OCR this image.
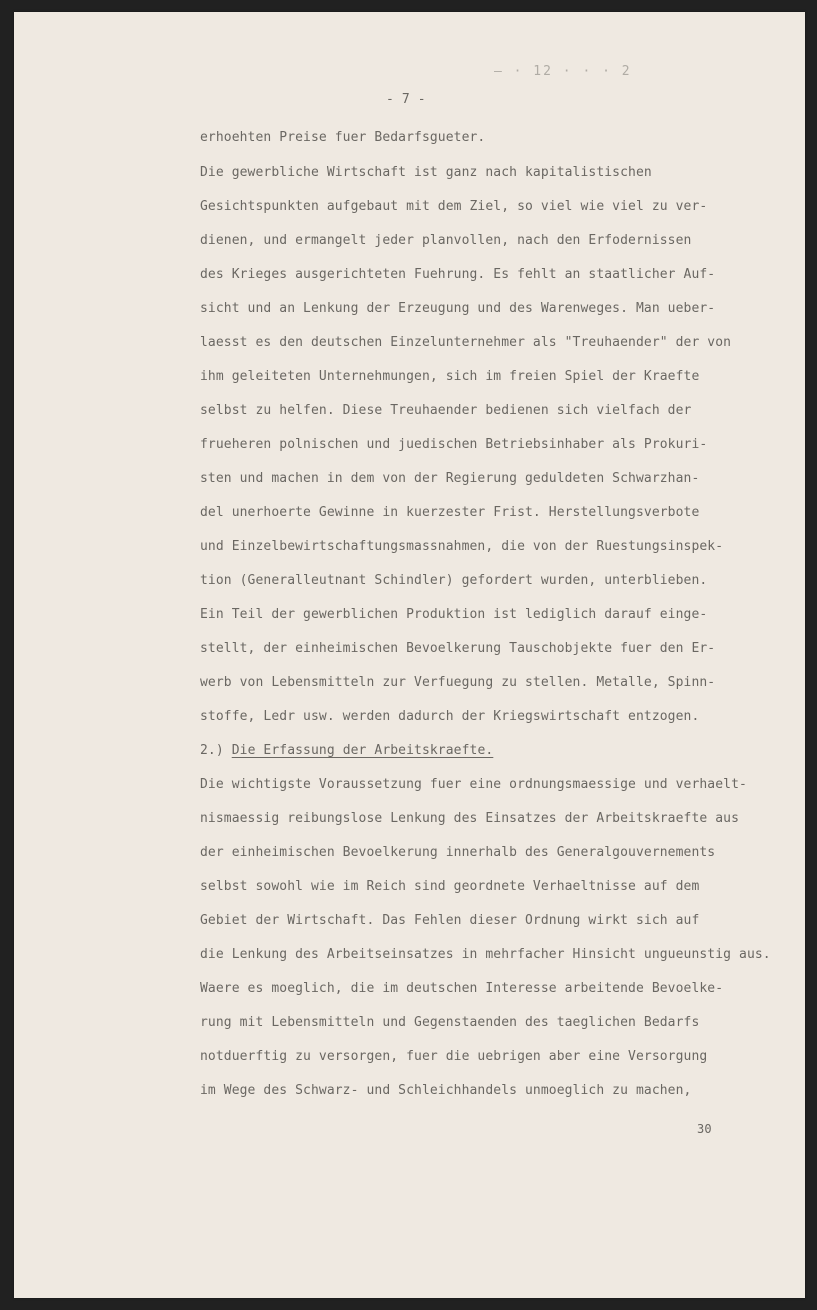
— · 12 · · · 2
- 7 -
erhoehten Preise fuer Bedarfsgueter.
Die gewerbliche Wirtschaft ist ganz nach kapitalistischen
Gesichtspunkten aufgebaut mit dem Ziel, so viel wie viel zu ver-
dienen, und ermangelt jeder planvollen, nach den Erfodernissen
des Krieges ausgerichteten Fuehrung. Es fehlt an staatlicher Auf-
sicht und an Lenkung der Erzeugung und des Warenweges. Man ueber-
laesst es den deutschen Einzelunternehmer als "Treuhaender" der von
ihm geleiteten Unternehmungen, sich im freien Spiel der Kraefte
selbst zu helfen. Diese Treuhaender bedienen sich vielfach der
frueheren polnischen und juedischen Betriebsinhaber als Prokuri-
sten und machen in dem von der Regierung geduldeten Schwarzhan-
del unerhoerte Gewinne in kuerzester Frist. Herstellungsverbote
und Einzelbewirtschaftungsmassnahmen, die von der Ruestungsinspek-
tion (Generalleutnant Schindler) gefordert wurden, unterblieben.
Ein Teil der gewerblichen Produktion ist lediglich darauf einge-
stellt, der einheimischen Bevoelkerung Tauschobjekte fuer den Er-
werb von Lebensmitteln zur Verfuegung zu stellen. Metalle, Spinn-
stoffe, Ledr usw. werden dadurch der Kriegswirtschaft entzogen.
2.) Die Erfassung der Arbeitskraefte.
Die wichtigste Voraussetzung fuer eine ordnungsmaessige und verhaelt-
nismaessig reibungslose Lenkung des Einsatzes der Arbeitskraefte aus
der einheimischen Bevoelkerung innerhalb des Generalgouvernements
selbst sowohl wie im Reich sind geordnete Verhaeltnisse auf dem
Gebiet der Wirtschaft. Das Fehlen dieser Ordnung wirkt sich auf
die Lenkung des Arbeitseinsatzes in mehrfacher Hinsicht ungueunstig aus.
Waere es moeglich, die im deutschen Interesse arbeitende Bevoelke-
rung mit Lebensmitteln und Gegenstaenden des taeglichen Bedarfs
notduerftig zu versorgen, fuer die uebrigen aber eine Versorgung
im Wege des Schwarz- und Schleichhandels unmoeglich zu machen,
30
